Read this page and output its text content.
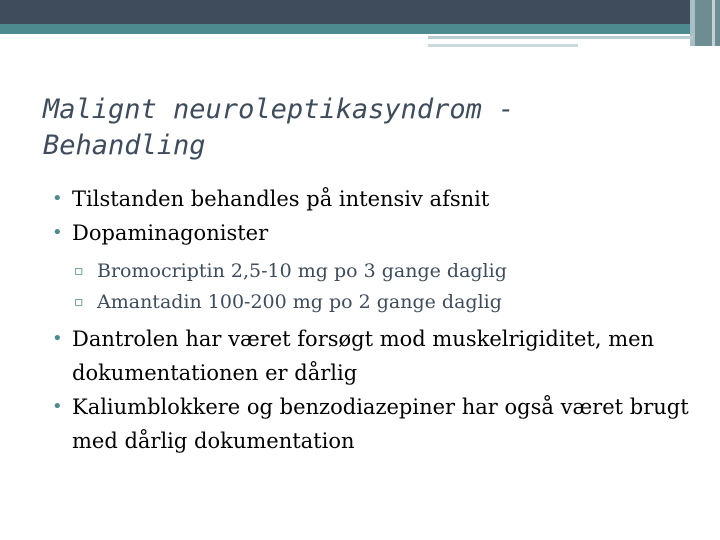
Malignt neuroleptikasyndrom - Behandling
• Tilstanden behandles på intensiv afsnit
• Dopaminagonister
▫ Bromocriptin 2,5-10 mg po 3 gange daglig
▫ Amantadin 100-200 mg po 2 gange daglig
• Dantrolen har været forsøgt mod muskelrigiditet, men dokumentationen er dårlig
• Kaliumblokkere og benzodiazepiner har også været brugt med dårlig dokumentation
